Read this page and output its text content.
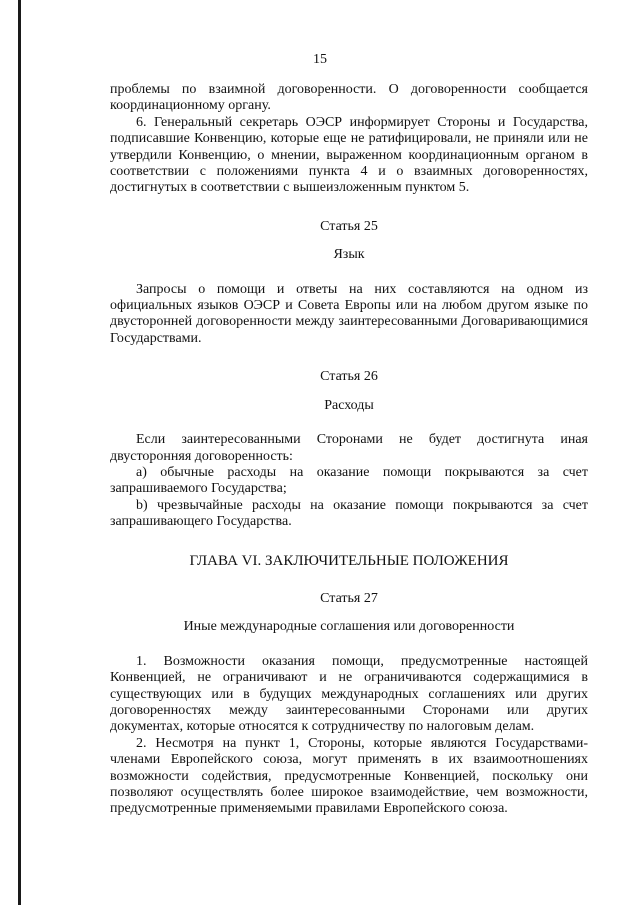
15

проблемы по взаимной договоренности. О договоренности сообщается координационному органу.

6. Генеральный секретарь ОЭСР информирует Стороны и Государства, подписавшие Конвенцию, которые еще не ратифицировали, не приняли или не утвердили Конвенцию, о мнении, выраженном координационным органом в соответствии с положениями пункта 4 и о взаимных договоренностях, достигнутых в соответствии с вышеизложенным пунктом 5.

Статья 25

Язык

Запросы о помощи и ответы на них составляются на одном из официальных языков ОЭСР и Совета Европы или на любом другом языке по двусторонней договоренности между заинтересованными Договаривающимися Государствами.

Статья 26

Расходы

Если заинтересованными Сторонами не будет достигнута иная двусторонняя договоренность:

а) обычные расходы на оказание помощи покрываются за счет запрашиваемого Государства;

b) чрезвычайные расходы на оказание помощи покрываются за счет запрашивающего Государства.

ГЛАВА VI. ЗАКЛЮЧИТЕЛЬНЫЕ ПОЛОЖЕНИЯ

Статья 27

Иные международные соглашения или договоренности

1. Возможности оказания помощи, предусмотренные настоящей Конвенцией, не ограничивают и не ограничиваются содержащимися в существующих или в будущих международных соглашениях или других договоренностях между заинтересованными Сторонами или других документах, которые относятся к сотрудничеству по налоговым делам.

2. Несмотря на пункт 1, Стороны, которые являются Государствами-членами Европейского союза, могут применять в их взаимоотношениях возможности содействия, предусмотренные Конвенцией, поскольку они позволяют осуществлять более широкое взаимодействие, чем возможности, предусмотренные применяемыми правилами Европейского союза.
